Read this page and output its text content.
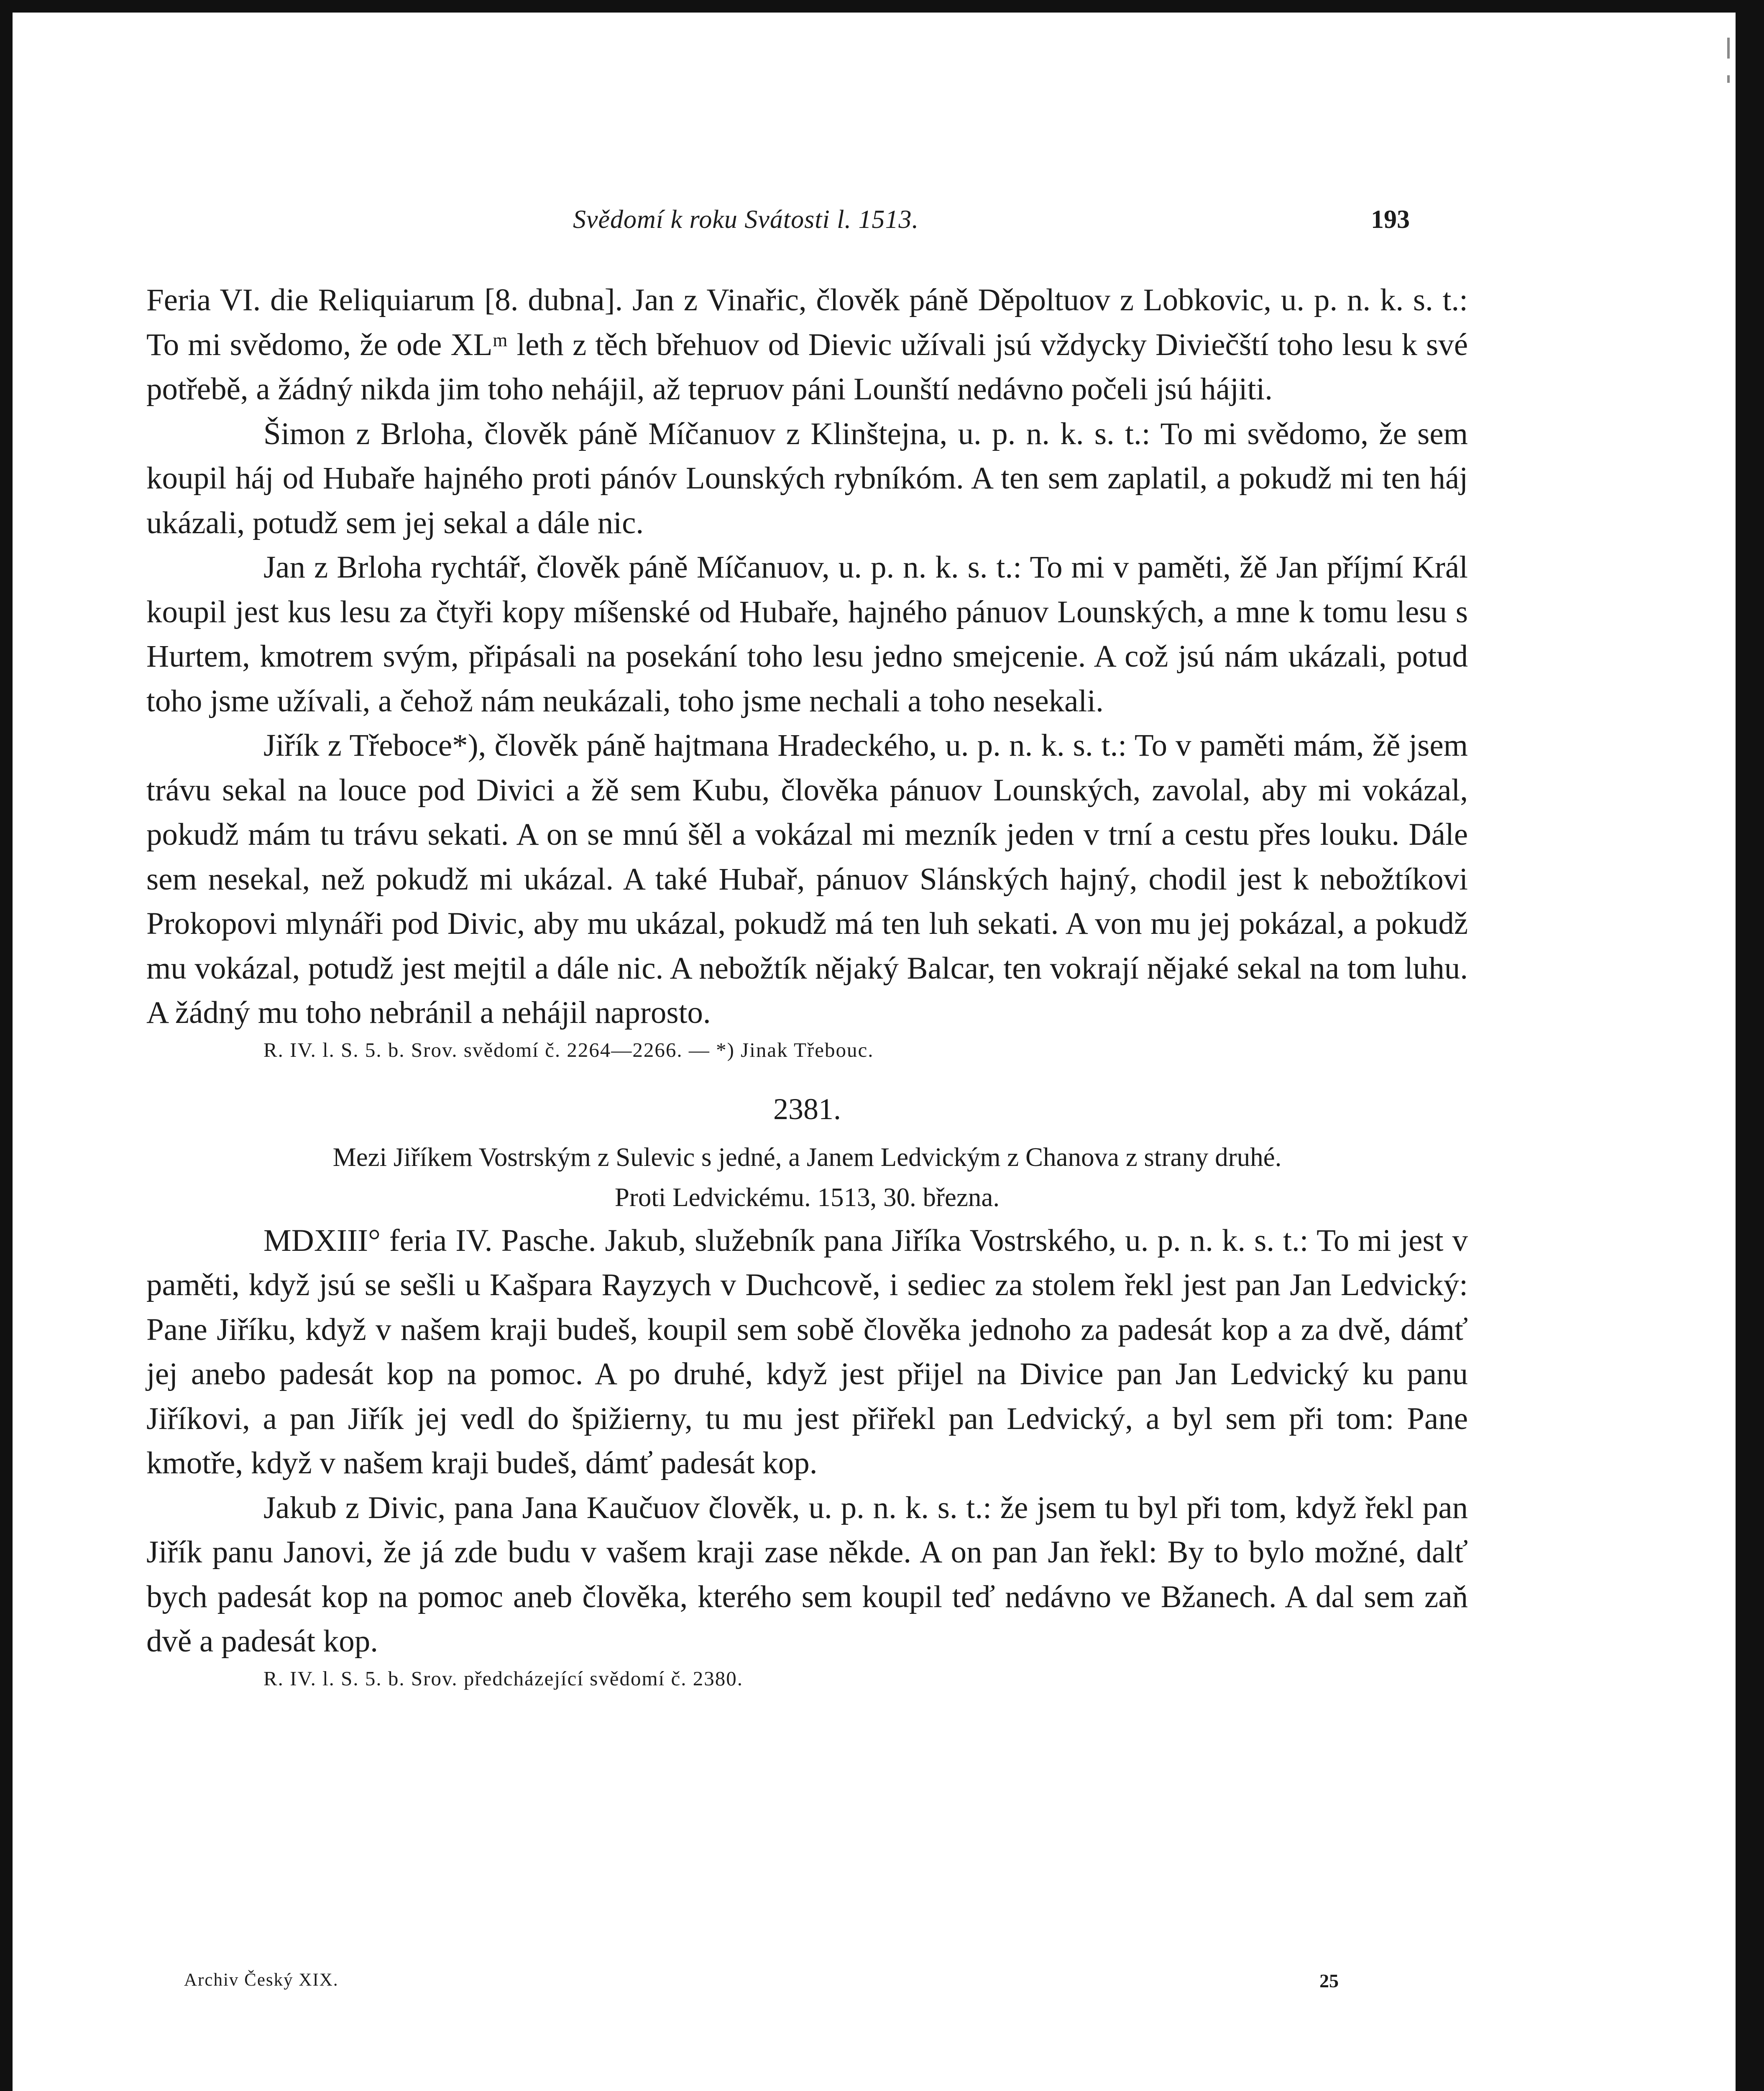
Svědomí k roku Svátosti l. 1513.	193

Feria VI. die Reliquiarum [8. dubna]. Jan z Vinařic, člověk páně Děpoltuov z Lobkovic, u. p. n. k. s. t.: To mi svědomo, že ode XLᵐ leth z těch břehuov od Dievic užívali jsú vždycky Diviečští toho lesu k své potřebě, a žádný nikda jim toho nehájil, až tepruov páni Lounští nedávno počeli jsú hájiti.

Šimon z Brloha, člověk páně Míčanuov z Klinštejna, u. p. n. k. s. t.: To mi svědomo, že sem koupil háj od Hubaře hajného proti pánóv Lounských rybníkóm. A ten sem zaplatil, a pokudž mi ten háj ukázali, potudž sem jej sekal a dále nic.

Jan z Brloha rychtář, člověk páně Míčanuov, u. p. n. k. s. t.: To mi v paměti, žě Jan příjmí Král koupil jest kus lesu za čtyři kopy míšenské od Hubaře, hajného pánuov Lounských, a mne k tomu lesu s Hurtem, kmotrem svým, připásali na posekání toho lesu jedno smejcenie. A což jsú nám ukázali, potud toho jsme užívali, a čehož nám neukázali, toho jsme nechali a toho nesekali.

Jiřík z Třeboce*), člověk páně hajtmana Hradeckého, u. p. n. k. s. t.: To v paměti mám, žě jsem trávu sekal na louce pod Divici a žě sem Kubu, člověka pánuov Lounských, zavolal, aby mi vokázal, pokudž mám tu trávu sekati. A on se mnú šěl a vokázal mi mezník jeden v trní a cestu přes louku. Dále sem nesekal, než pokudž mi ukázal. A také Hubař, pánuov Slánských hajný, chodil jest k nebožtíkovi Prokopovi mlynáři pod Divic, aby mu ukázal, pokudž má ten luh sekati. A von mu jej pokázal, a pokudž mu vokázal, potudž jest mejtil a dále nic. A nebožtík nějaký Balcar, ten vokrají nějaké sekal na tom luhu. A žádný mu toho nebránil a nehájil naprosto.

R. IV. l. S. 5. b. Srov. svědomí č. 2264—2266. — *) Jinak Třebouc.

2381.

Mezi Jiříkem Vostrským z Sulevic s jedné, a Janem Ledvickým z Chanova z strany druhé.

Proti Ledvickému. 1513, 30. března.

MDXIII° feria IV. Pasche. Jakub, služebník pana Jiříka Vostrského, u. p. n. k. s. t.: To mi jest v paměti, když jsú se sešli u Kašpara Rayzych v Duchcově, i sediec za stolem řekl jest pan Jan Ledvický: Pane Jiříku, když v našem kraji budeš, koupil sem sobě člověka jednoho za padesát kop a za dvě, dámť jej anebo padesát kop na pomoc. A po druhé, když jest přijel na Divice pan Jan Ledvický ku panu Jiříkovi, a pan Jiřík jej vedl do špižierny, tu mu jest přiřekl pan Ledvický, a byl sem při tom: Pane kmotře, když v našem kraji budeš, dámť padesát kop.

Jakub z Divic, pana Jana Kaučuov člověk, u. p. n. k. s. t.: že jsem tu byl při tom, když řekl pan Jiřík panu Janovi, že já zde budu v vašem kraji zase někde. A on pan Jan řekl: By to bylo možné, dalť bych padesát kop na pomoc aneb člověka, kterého sem koupil teď nedávno ve Bžanech. A dal sem zaň dvě a padesát kop.

R. IV. l. S. 5. b. Srov. předcházející svědomí č. 2380.

Archiv Český XIX.	25
